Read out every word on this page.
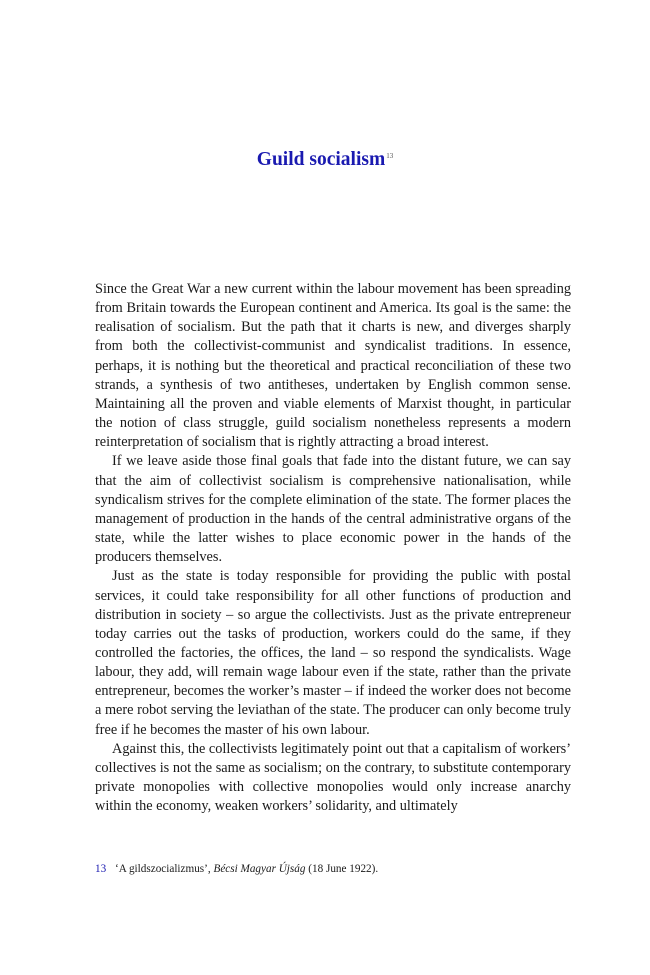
Guild socialism$^{13}$

Since the Great War a new current within the labour movement has been spreading from Britain towards the European continent and America. Its goal is the same: the realisation of socialism. But the path that it charts is new, and diverges sharply from both the collectivist-communist and syndicalist traditions. In essence, perhaps, it is nothing but the theoretical and practical reconciliation of these two strands, a synthesis of two antitheses, undertaken by English common sense. Maintaining all the proven and viable elements of Marxist thought, in particular the notion of class struggle, guild socialism nonetheless represents a modern reinterpretation of socialism that is rightly attracting a broad interest.

If we leave aside those final goals that fade into the distant future, we can say that the aim of collectivist socialism is comprehensive nationalisation, while syndicalism strives for the complete elimination of the state. The former places the management of production in the hands of the central administrative organs of the state, while the latter wishes to place economic power in the hands of the producers themselves.

Just as the state is today responsible for providing the public with postal services, it could take responsibility for all other functions of production and distribution in society – so argue the collectivists. Just as the private entrepreneur today carries out the tasks of production, workers could do the same, if they controlled the factories, the offices, the land – so respond the syndicalists. Wage labour, they add, will remain wage labour even if the state, rather than the private entrepreneur, becomes the worker’s master – if indeed the worker does not become a mere robot serving the leviathan of the state. The producer can only become truly free if he becomes the master of his own labour.

Against this, the collectivists legitimately point out that a capitalism of workers’ collectives is not the same as socialism; on the contrary, to substitute contemporary private monopolies with collective monopolies would only increase anarchy within the economy, weaken workers’ solidarity, and ultimately

13 ‘A gildszocializmus’, Bécsi Magyar Újság (18 June 1922).
